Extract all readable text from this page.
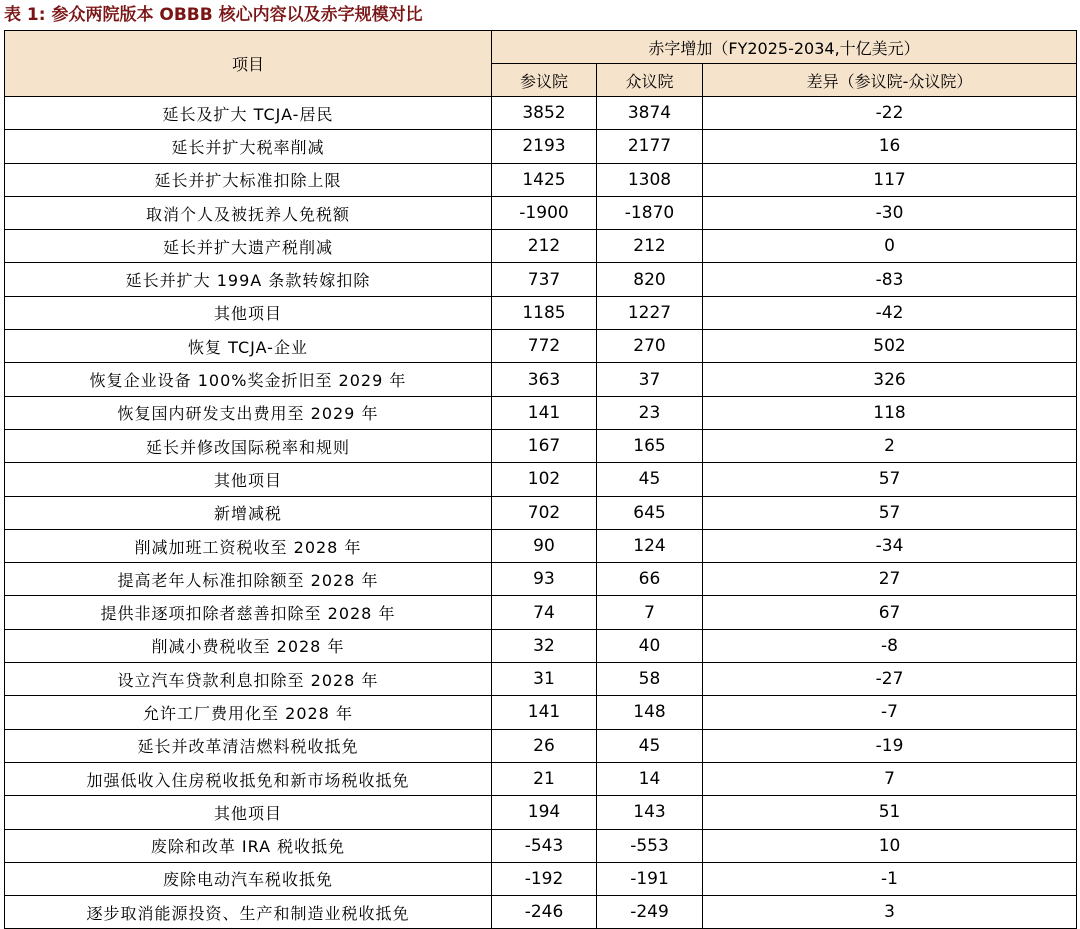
表 1: 参众两院版本 OBBB 核心内容以及赤字规模对比
项目	赤字增加（FY2025-2034,十亿美元）		
	参议院	众议院	差异（参议院-众议院）
延长及扩大 TCJA-居民	3852	3874	-22
延长并扩大税率削减	2193	2177	16
延长并扩大标准扣除上限	1425	1308	117
取消个人及被抚养人免税额	-1900	-1870	-30
延长并扩大遗产税削减	212	212	0
延长并扩大 199A 条款转嫁扣除	737	820	-83
其他项目	1185	1227	-42
恢复 TCJA-企业	772	270	502
恢复企业设备 100%奖金折旧至 2029 年	363	37	326
恢复国内研发支出费用至 2029 年	141	23	118
延长并修改国际税率和规则	167	165	2
其他项目	102	45	57
新增减税	702	645	57
削减加班工资税收至 2028 年	90	124	-34
提高老年人标准扣除额至 2028 年	93	66	27
提供非逐项扣除者慈善扣除至 2028 年	74	7	67
削减小费税收至 2028 年	32	40	-8
设立汽车贷款利息扣除至 2028 年	31	58	-27
允许工厂费用化至 2028 年	141	148	-7
延长并改革清洁燃料税收抵免	26	45	-19
加强低收入住房税收抵免和新市场税收抵免	21	14	7
其他项目	194	143	51
废除和改革 IRA 税收抵免	-543	-553	10
废除电动汽车税收抵免	-192	-191	-1
逐步取消能源投资、生产和制造业税收抵免	-246	-249	3
